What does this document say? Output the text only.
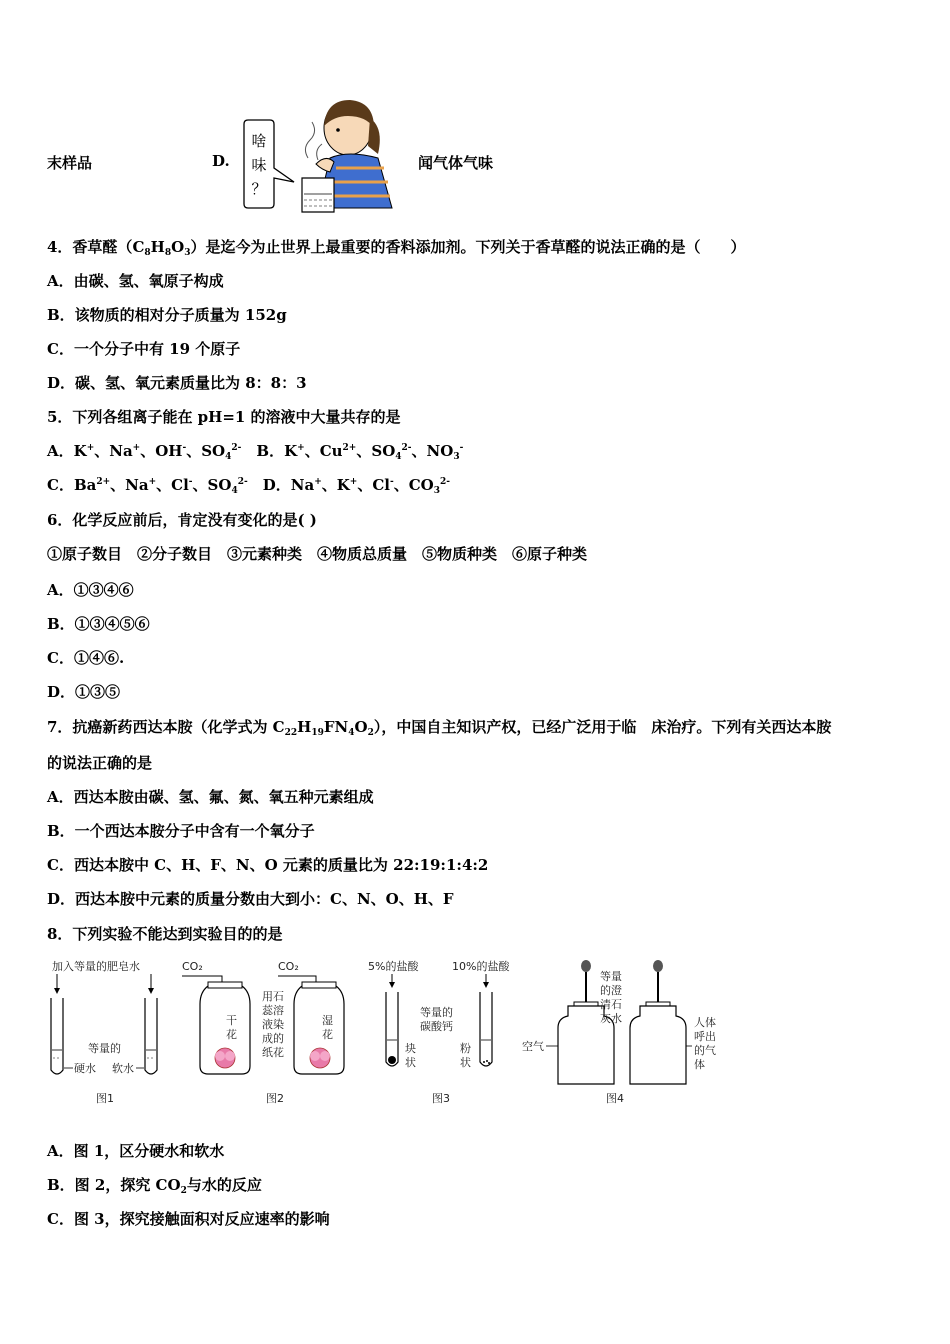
末样品	D.
啥
味
？
闻气体气味
4．香草醛$(C_8H_8O_3)$是迄今为止世界上最重要的香料添加剂。下列关于香草醛的说法正确的是（　　）
A．由碳、氢、氧原子构成
B．该物质的相对分子质量为 152g
C．一个分子中有 19 个原子
D．碳、氢、氧元素质量比为 8：8：3
5．下列各组离子能在 pH=1 的溶液中大量共存的是
A．K+、Na+、OH-、$SO_4^{2-}$　 B．K+、$Cu^{2+}$、$SO_4^{2-}$、$NO_3^-$
C．$Ba^{2+}$、Na+、Cl-、$SO_4^{2-}$　 D．Na+、K+、Cl-、$CO_3^{2-}$
6．化学反应前后，肯定没有变化的是( )
①原子数目　②分子数目　③元素种类　④物质总质量　⑤物质种类　⑥原子种类
A．①③④⑥
B．①③④⑤⑥
C．①④⑥.
D．①③⑤
7．抗癌新药西达本胺（化学式为 $C_{22}H_{19}FN_4O_2$），中国自主知识产权，已经广泛用于临　床治疗。下列有关西达本胺
的说法正确的是
A．西达本胺由碳、氢、氟、氮、氧五种元素组成
B．一个西达本胺分子中含有一个氧分子
C．西达本胺中 C、H、F、N、O 元素的质量比为 22:19:1:4:2
D．西达本胺中元素的质量分数由大到小：C、N、O、H、F
8．下列实验不能达到实验目的的是
加入等量的肥皂水
等量的
硬水 软水
图1
CO₂
干
花
CO₂
湿
花
用石
蕊溶
液染
成的
纸花
图2
5%的盐酸	10%的盐酸
等量的
碳酸钙
块
状
粉
状
图3
等量
的澄
清石
灰水
空气
人体
呼出
的气
体
图4
A．图 1，区分硬水和软水
B．图 2，探究 $CO_2$与水的反应
C．图 3，探究接触面积对反应速率的影响
